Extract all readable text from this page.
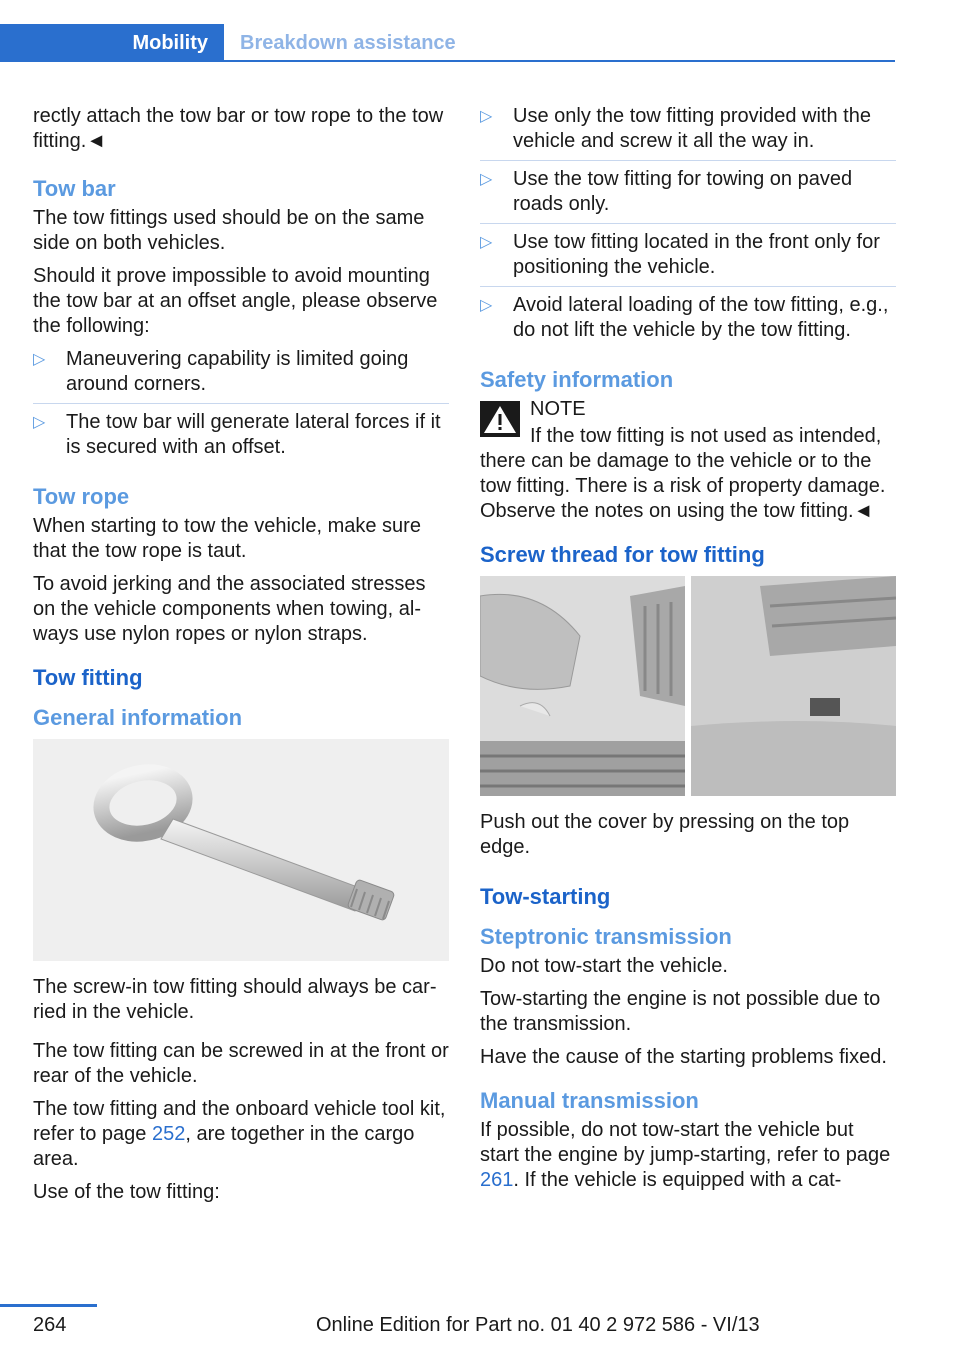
Mobility	Breakdown assistance

rectly attach the tow bar or tow rope to the tow fitting.◄

Tow bar

The tow fittings used should be on the same side on both vehicles.

Should it prove impossible to avoid mounting the tow bar at an offset angle, please observe the following:

▷ Maneuvering capability is limited going around corners.
▷ The tow bar will generate lateral forces if it is secured with an offset.
Tow rope

When starting to tow the vehicle, make sure that the tow rope is taut.

To avoid jerking and the associated stresses on the vehicle components when towing, al‐ ways use nylon ropes or nylon straps.

Tow fitting
General information

The screw-in tow fitting should always be car‐ ried in the vehicle.

The tow fitting can be screwed in at the front or rear of the vehicle.

The tow fitting and the onboard vehicle tool kit, refer to page 252, are together in the cargo area.

Use of the tow fitting:

▷ Use only the tow fitting provided with the vehicle and screw it all the way in.
▷ Use the tow fitting for towing on paved roads only.
▷ Use tow fitting located in the front only for positioning the vehicle.
▷ Avoid lateral loading of the tow fitting, e.g., do not lift the vehicle by the tow fitting.
Safety information
NOTE

If the tow fitting is not used as intended, there can be damage to the vehicle or to the tow fitting. There is a risk of property damage. Observe the notes on using the tow fitting.◄

Screw thread for tow fitting

Push out the cover by pressing on the top edge.

Tow-starting
Steptronic transmission

Do not tow-start the vehicle.

Tow-starting the engine is not possible due to the transmission.

Have the cause of the starting problems fixed.

Manual transmission

If possible, do not tow-start the vehicle but start the engine by jump-starting, refer to page 261. If the vehicle is equipped with a cat‐

264	Online Edition for Part no. 01 40 2 972 586 - VI/13
